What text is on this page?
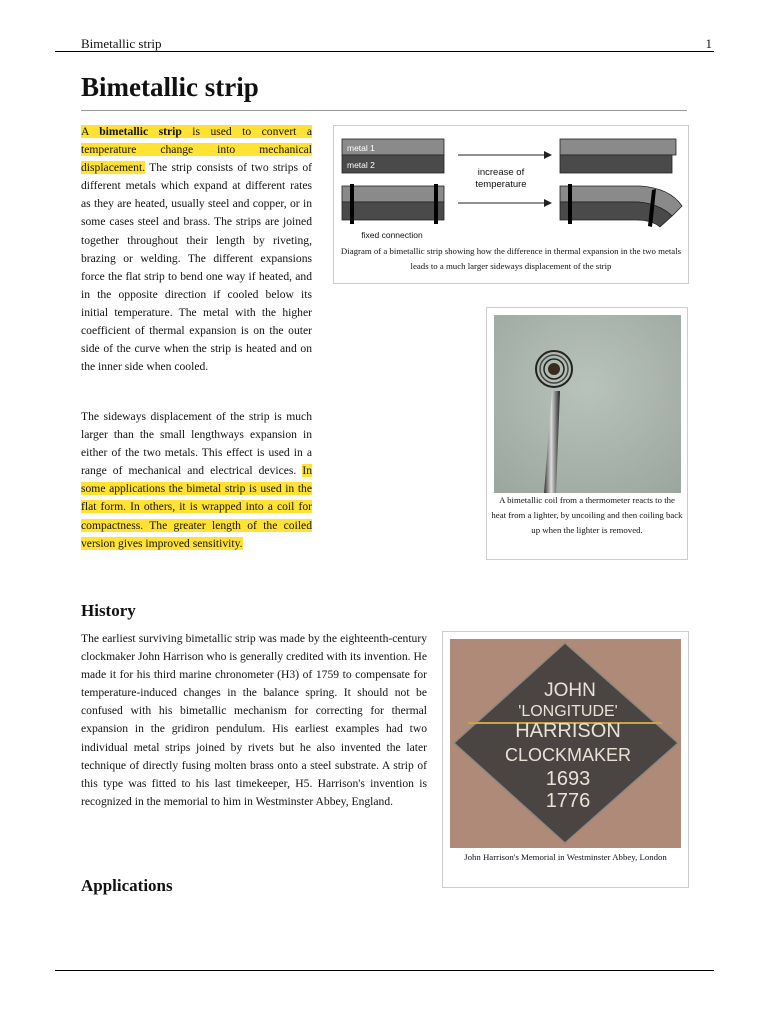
Bimetallic strip	1
Bimetallic strip

A bimetallic strip is used to convert a temperature change into mechanical displacement. The strip consists of two strips of different metals which expand at different rates as they are heated, usually steel and copper, or in some cases steel and brass. The strips are joined together throughout their length by riveting, brazing or welding. The different expansions force the flat strip to bend one way if heated, and in the opposite direction if cooled below its initial temperature. The metal with the higher coefficient of thermal expansion is on the outer side of the curve when the strip is heated and on the inner side when cooled.

The sideways displacement of the strip is much larger than the small lengthways expansion in either of the two metals. This effect is used in a range of mechanical and electrical devices. In some applications the bimetal strip is used in the flat form. In others, it is wrapped into a coil for compactness. The greater length of the coiled version gives improved sensitivity.

metal 1
metal 2
increase of
temperature
fixed connection
Diagram of a bimetallic strip showing how the difference in thermal expansion in the two metals leads to a much larger sideways displacement of the strip
A bimetallic coil from a thermometer reacts to the heat from a lighter, by uncoiling and then coiling back up when the lighter is removed.
History

The earliest surviving bimetallic strip was made by the eighteenth-century clockmaker John Harrison who is generally credited with its invention. He made it for his third marine chronometer (H3) of 1759 to compensate for temperature-induced changes in the balance spring. It should not be confused with his bimetallic mechanism for correcting for thermal expansion in the gridiron pendulum. His earliest examples had two individual metal strips joined by rivets but he also invented the later technique of directly fusing molten brass onto a steel substrate. A strip of this type was fitted to his last timekeeper, H5. Harrison's invention is recognized in the memorial to him in Westminster Abbey, England.

JOHN
'LONGITUDE'
HARRISON
CLOCKMAKER
1693
1776
John Harrison's Memorial in Westminster Abbey, London
Applications
